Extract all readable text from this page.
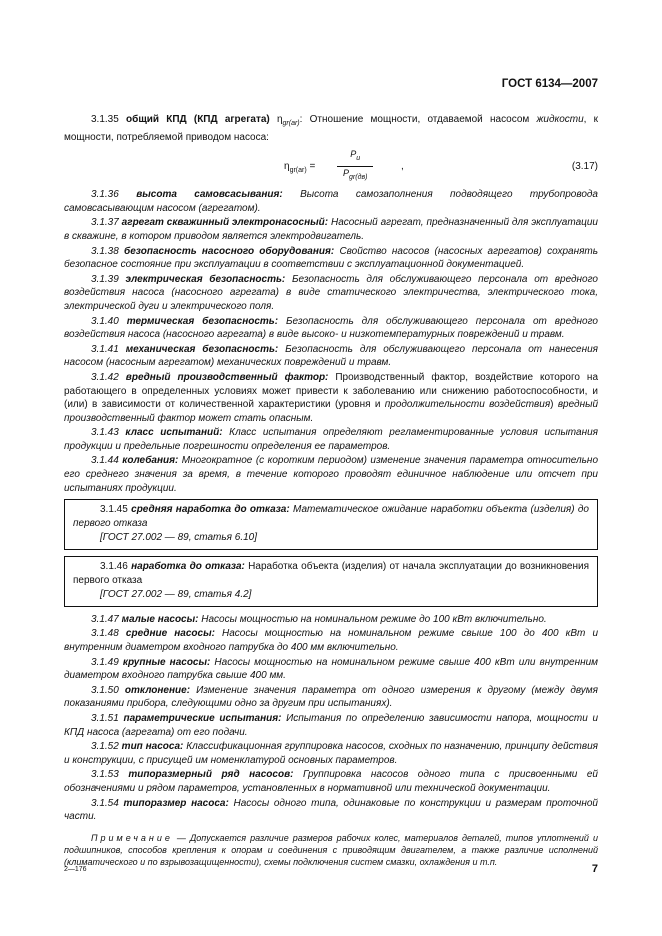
ГОСТ 6134—2007

3.1.35 общий КПД (КПД агрегата) $\eta_{gr(ar)}$: Отношение мощности, отдаваемой насосом жидкости, к мощности, потребляемой приводом насоса:

$\eta_{gr(ar)}$ =
$P_u$
$P_{gr(дв)}$
,	(3.17)

3.1.36 высота самовсасывания: Высота самозаполнения подводящего трубопровода самовсасывающим насосом (агрегатом).

3.1.37 агрегат скважинный электронасосный: Насосный агрегат, предназначенный для эксплуатации в скважине, в котором приводом является электродвигатель.

3.1.38 безопасность насосного оборудования: Свойство насосов (насосных агрегатов) сохранять безопасное состояние при эксплуатации в соответствии с эксплуатационной документацией.

3.1.39 электрическая безопасность: Безопасность для обслуживающего персонала от вредного воздействия насоса (насосного агрегата) в виде статического электричества, электрического тока, электрической дуги и электрического поля.

3.1.40 термическая безопасность: Безопасность для обслуживающего персонала от вредного воздействия насоса (насосного агрегата) в виде высоко- и низкотемпературных повреждений и травм.

3.1.41 механическая безопасность: Безопасность для обслуживающего персонала от нанесения насосом (насосным агрегатом) механических повреждений и травм.

3.1.42 вредный производственный фактор: Производственный фактор, воздействие которого на работающего в определенных условиях может привести к заболеванию или снижению работоспособности, и (или) в зависимости от количественной характеристики (уровня и продолжительности воздействия) вредный производственный фактор может стать опасным.

3.1.43 класс испытаний: Класс испытания определяют регламентированные условия испытания продукции и предельные погрешности определения ее параметров.

3.1.44 колебания: Многократное (с коротким периодом) изменение значения параметра относительно его среднего значения за время, в течение которого проводят единичное наблюдение или отсчет при испытаниях продукции.

3.1.45 средняя наработка до отказа: Математическое ожидание наработки объекта (изделия) до первого отказа

[ГОСТ 27.002 — 89, статья 6.10]

3.1.46 наработка до отказа: Наработка объекта (изделия) от начала эксплуатации до возникновения первого отказа

[ГОСТ 27.002 — 89, статья 4.2]

3.1.47 малые насосы: Насосы мощностью на номинальном режиме до 100 кВт включительно.

3.1.48 средние насосы: Насосы мощностью на номинальном режиме свыше 100 до 400 кВт и внутренним диаметром входного патрубка до 400 мм включительно.

3.1.49 крупные насосы: Насосы мощностью на номинальном режиме свыше 400 кВт или внутренним диаметром входного патрубка свыше 400 мм.

3.1.50 отклонение: Изменение значения параметра от одного измерения к другому (между двумя показаниями прибора, следующими одно за другим при испытаниях).

3.1.51 параметрические испытания: Испытания по определению зависимости напора, мощности и КПД насоса (агрегата) от его подачи.

3.1.52 тип насоса: Классификационная группировка насосов, сходных по назначению, принципу действия и конструкции, с присущей им номенклатурой основных параметров.

3.1.53 типоразмерный ряд насосов: Группировка насосов одного типа с присвоенными ей обозначениями и рядом параметров, установленных в нормативной или технической документации.

3.1.54 типоразмер насоса: Насосы одного типа, одинаковые по конструкции и размерам проточной части.

Примечание — Допускается различие размеров рабочих колес, материалов деталей, типов уплотнений и подшипников, способов крепления к опорам и соединения с приводящим двигателем, а также различие исполнений (климатического и по взрывозащищенности), схемы подключения систем смазки, охлаждения и т.п.

2—176	7
